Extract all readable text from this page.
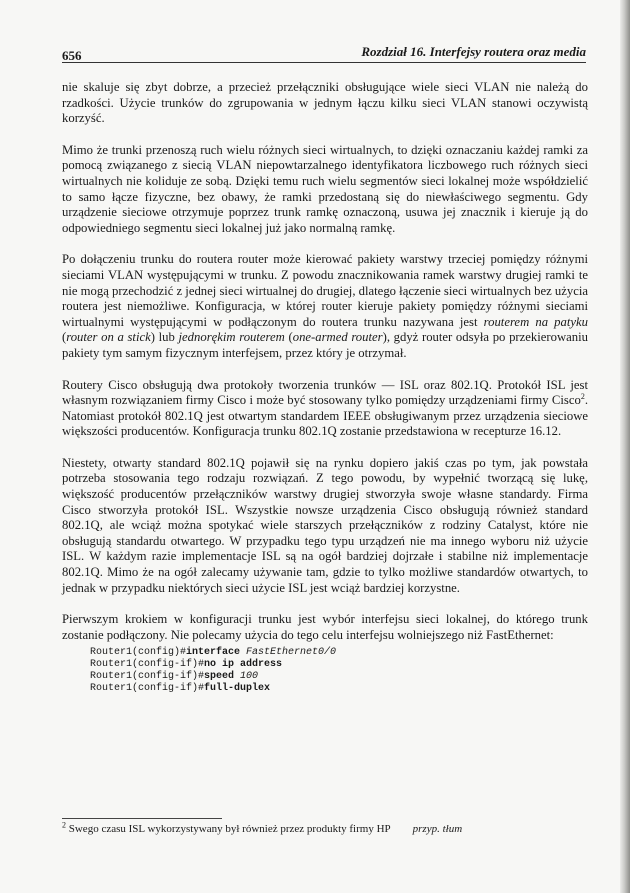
656	Rozdział 16. Interfejsy routera oraz media

nie skaluje się zbyt dobrze, a przecież przełączniki obsługujące wiele sieci VLAN nie należą do rzadkości. Użycie trunków do zgrupowania w jednym łączu kilku sieci VLAN stanowi oczywistą korzyść.

Mimo że trunki przenoszą ruch wielu różnych sieci wirtualnych, to dzięki oznaczaniu każdej ramki za pomocą związanego z siecią VLAN niepowtarzalnego identyfikatora liczbowego ruch różnych sieci wirtualnych nie koliduje ze sobą. Dzięki temu ruch wielu segmentów sieci lokalnej może współdzielić to samo łącze fizyczne, bez obawy, że ramki przedostaną się do niewłaściwego segmentu. Gdy urządzenie sieciowe otrzymuje poprzez trunk ramkę oznaczoną, usuwa jej znacznik i kieruje ją do odpowiedniego segmentu sieci lokalnej już jako normalną ramkę.

Po dołączeniu trunku do routera router może kierować pakiety warstwy trzeciej pomiędzy różnymi sieciami VLAN występującymi w trunku. Z powodu znacznikowania ramek warstwy drugiej ramki te nie mogą przechodzić z jednej sieci wirtualnej do drugiej, dlatego łączenie sieci wirtualnych bez użycia routera jest niemożliwe. Konfiguracja, w której router kieruje pakiety pomiędzy różnymi sieciami wirtualnymi występującymi w podłączonym do routera trunku nazywana jest routerem na patyku (router on a stick) lub jednorękim routerem (one-armed router), gdyż router odsyła po przekierowaniu pakiety tym samym fizycznym interfejsem, przez który je otrzymał.

Routery Cisco obsługują dwa protokoły tworzenia trunków — ISL oraz 802.1Q. Protokół ISL jest własnym rozwiązaniem firmy Cisco i może być stosowany tylko pomiędzy urządzeniami firmy Cisco$^2$. Natomiast protokół 802.1Q jest otwartym standardem IEEE obsługiwanym przez urządzenia sieciowe większości producentów. Konfiguracja trunku 802.1Q zostanie przedstawiona w recepturze 16.12.

Niestety, otwarty standard 802.1Q pojawił się na rynku dopiero jakiś czas po tym, jak powstała potrzeba stosowania tego rodzaju rozwiązań. Z tego powodu, by wypełnić tworzącą się lukę, większość producentów przełączników warstwy drugiej stworzyła swoje własne standardy. Firma Cisco stworzyła protokół ISL. Wszystkie nowsze urządzenia Cisco obsługują również standard 802.1Q, ale wciąż można spotykać wiele starszych przełączników z rodziny Catalyst, które nie obsługują standardu otwartego. W przypadku tego typu urządzeń nie ma innego wyboru niż użycie ISL. W każdym razie implementacje ISL są na ogół bardziej dojrzałe i stabilne niż implementacje 802.1Q. Mimo że na ogół zalecamy używanie tam, gdzie to tylko możliwe standardów otwartych, to jednak w przypadku niektórych sieci użycie ISL jest wciąż bardziej korzystne.

Pierwszym krokiem w konfiguracji trunku jest wybór interfejsu sieci lokalnej, do którego trunk zostanie podłączony. Nie polecamy użycia do tego celu interfejsu wolniejszego niż FastEthernet:

Router1(config)#interface FastEthernet0/0
Router1(config-if)#no ip address
Router1(config-if)#speed 100
Router1(config-if)#full-duplex
$^2$ Swego czasu ISL wykorzystywany był również przez produkty firmy HP przyp. tłum
